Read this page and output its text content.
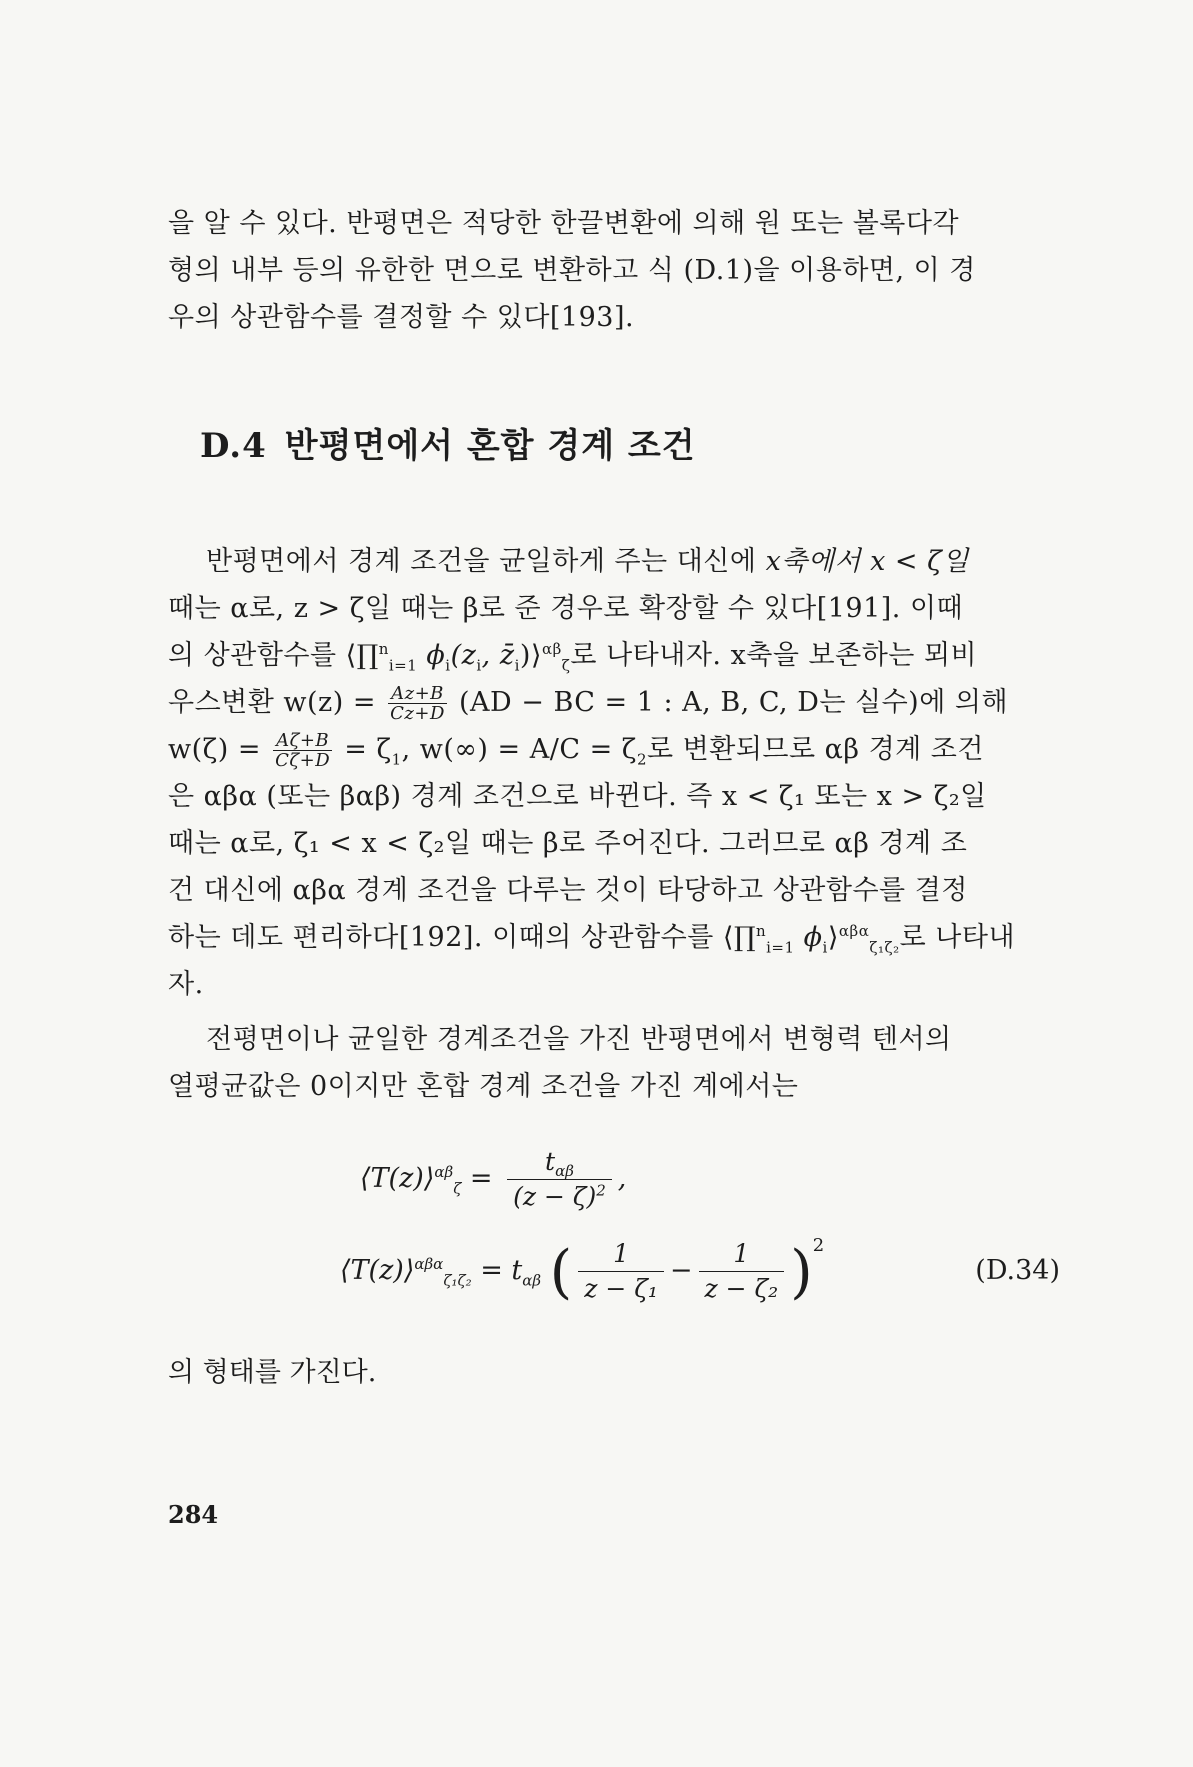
을 알 수 있다. 반평면은 적당한 한끌변환에 의해 원 또는 볼록다각
형의 내부 등의 유한한 면으로 변환하고 식 (D.1)을 이용하면, 이 경
우의 상관함수를 결정할 수 있다[193].
D.4 반평면에서 혼합 경계 조건
반평면에서 경계 조건을 균일하게 주는 대신에 x축에서 x < ζ일
때는 α로, z > ζ일 때는 β로 준 경우로 확장할 수 있다[191]. 이때
의 상관함수를 ⟨∏$^n_{i=1}$ $\phi_i(z_i$, $z̄_i)⟩^{\alpha\beta}_\zeta$로 나타내자. x축을 보존하는 뫼비
우스변환 $w(z) = \frac{Az+B}{Cz+D} (AD$ − BC = 1 : A, B, C, D는 실수)에 의해
$w(\zeta) = \frac{A\zeta+B}{C\zeta+D} = \zeta_1$, $w(\infty) = A/C = \zeta_2$로 변환되므로 αβ 경계 조건
은 αβα (또는 βαβ) 경계 조건으로 바뀐다. 즉 x < ζ₁ 또는 x > ζ₂일
때는 α로, ζ₁ < x < ζ₂일 때는 β로 주어진다. 그러므로 αβ 경계 조
건 대신에 αβα 경계 조건을 다루는 것이 타당하고 상관함수를 결정
하는 데도 편리하다[192]. 이때의 상관함수를 ⟨∏$^n_{i=1}$ $\phi_i⟩^{\alpha\beta\alpha}_{\zeta_1\zeta_2}$로 나타내
자.
전평면이나 균일한 경계조건을 가진 반평면에서 변형력 텐서의
열평균값은 0이지만 혼합 경계 조건을 가진 계에서는
⟨T(z)⟩$^{\alpha\beta}_\zeta$ =
$t_{\alpha\beta}$
$(z - \zeta)^2$ ,
⟨T(z)⟩$^{\alpha\beta\alpha}_{\zeta_1\zeta_2}$ = $t_{\alpha\beta}$ ( $\frac{1}{\text{z − ζ₁}} - \frac{1}{\text{z − ζ₂}} )^2$
(D.34)
의 형태를 가진다.
284
